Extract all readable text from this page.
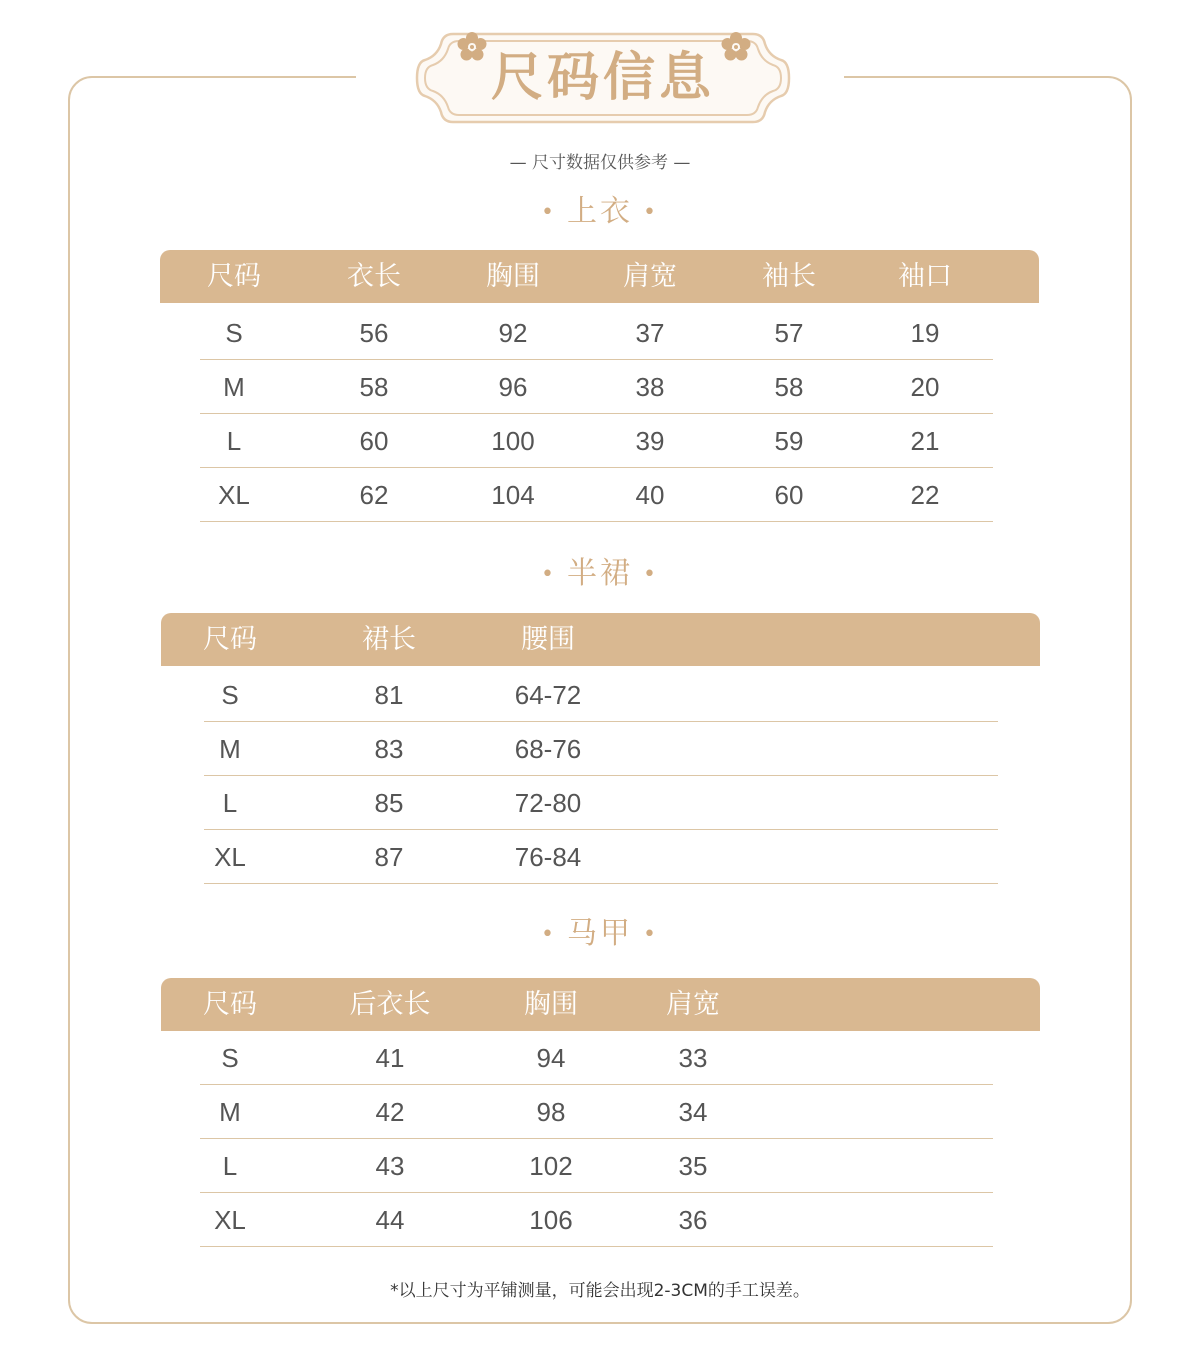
尺码信息
— 尺寸数据仅供参考 —
• 上衣 •
尺码	衣长	胸围	肩宽	袖长	袖口
S	56	92	37	57	19
M	58	96	38	58	20
L	60	100	39	59	21
XL	62	104	40	60	22
• 半裙 •
尺码	裙长	腰围
S	81	64-72
M	83	68-76
L	85	72-80
XL	87	76-84
• 马甲 •
尺码	后衣长	胸围	肩宽
S	41	94	33
M	42	98	34
L	43	102	35
XL	44	106	36
*以上尺寸为平铺测量，可能会出现2-3CM的手工误差。
